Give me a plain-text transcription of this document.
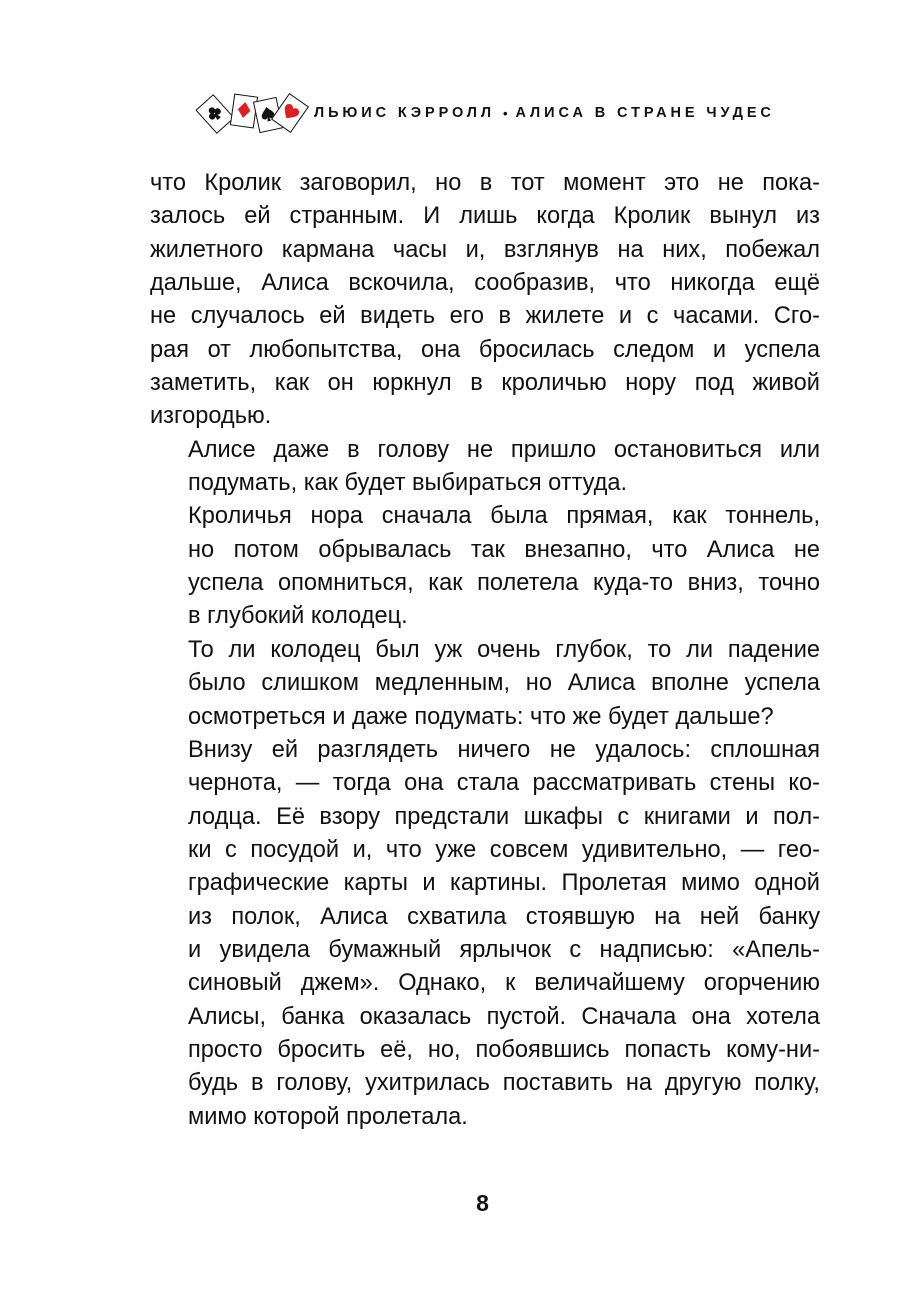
ЛЬЮИС КЭРРОЛЛ • АЛИСА В СТРАНЕ ЧУДЕС

что Кролик заговорил, но в тот момент это не пока-
залось ей странным. И лишь когда Кролик вынул из
жилетного кармана часы и, взглянув на них, побежал
дальше, Алиса вскочила, сообразив, что никогда ещё
не случалось ей видеть его в жилете и с часами. Сго-
рая от любопытства, она бросилась следом и успела
заметить, как он юркнул в кроличью нору под живой
изгородью.

Алисе даже в голову не пришло остановиться или
подумать, как будет выбираться оттуда.

Кроличья нора сначала была прямая, как тоннель,
но потом обрывалась так внезапно, что Алиса не
успела опомниться, как полетела куда-то вниз, точно
в глубокий колодец.

То ли колодец был уж очень глубок, то ли падение
было слишком медленным, но Алиса вполне успела
осмотреться и даже подумать: что же будет дальше?

Внизу ей разглядеть ничего не удалось: сплошная
чернота, — тогда она стала рассматривать стены ко-
лодца. Её взору предстали шкафы с книгами и пол-
ки с посудой и, что уже совсем удивительно, — гео-
графические карты и картины. Пролетая мимо одной
из полок, Алиса схватила стоявшую на ней банку
и увидела бумажный ярлычок с надписью: «Апель-
синовый джем». Однако, к величайшему огорчению
Алисы, банка оказалась пустой. Сначала она хотела
просто бросить её, но, побоявшись попасть кому-ни-
будь в голову, ухитрилась поставить на другую полку,
мимо которой пролетала.

8
